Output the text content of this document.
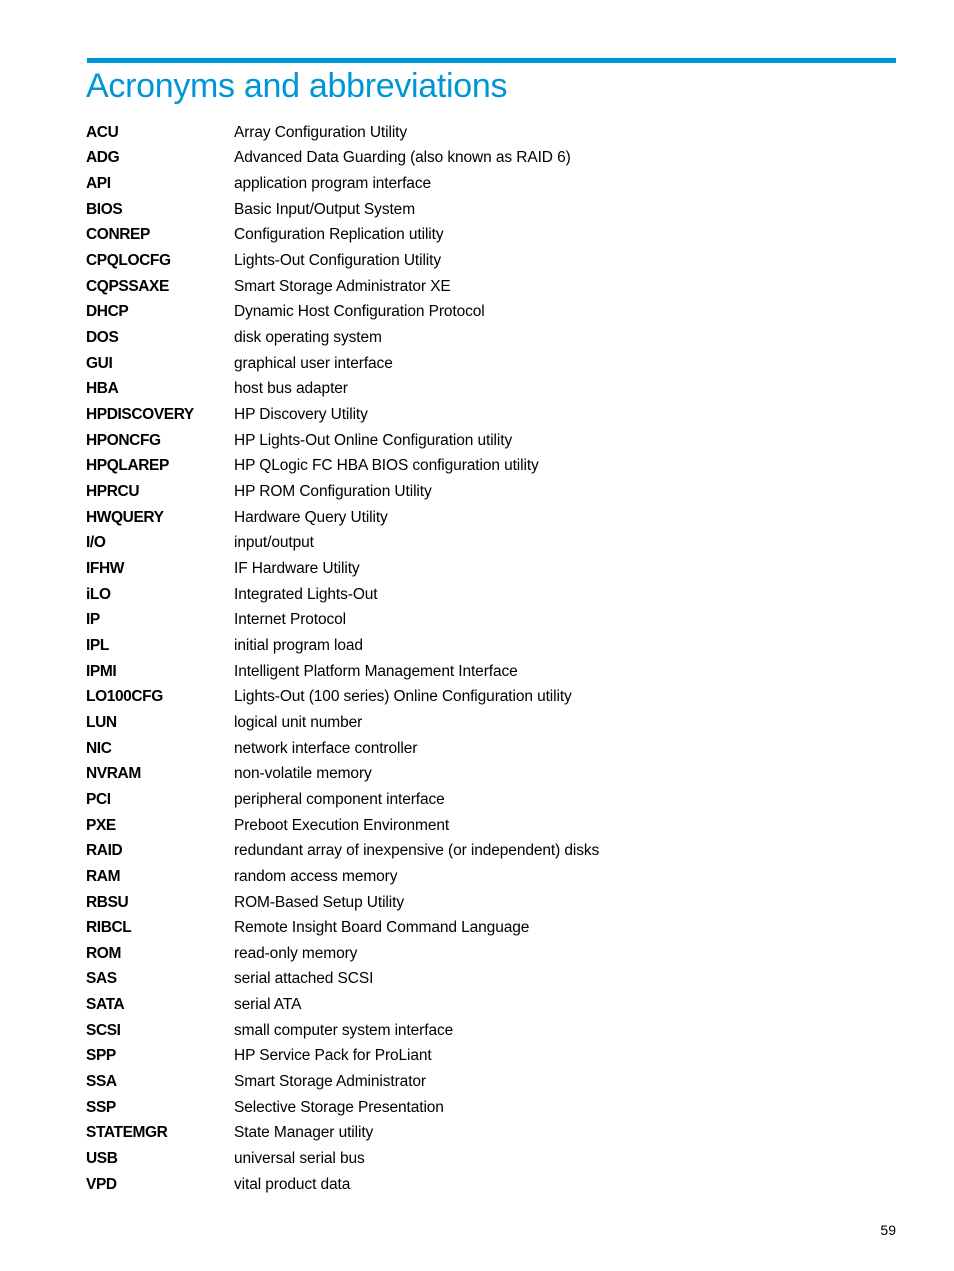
Acronyms and abbreviations
ACU	Array Configuration Utility
ADG	Advanced Data Guarding (also known as RAID 6)
API	application program interface
BIOS	Basic Input/Output System
CONREP	Configuration Replication utility
CPQLOCFG	Lights-Out Configuration Utility
CQPSSAXE	Smart Storage Administrator XE
DHCP	Dynamic Host Configuration Protocol
DOS	disk operating system
GUI	graphical user interface
HBA	host bus adapter
HPDISCOVERY	HP Discovery Utility
HPONCFG	HP Lights-Out Online Configuration utility
HPQLAREP	HP QLogic FC HBA BIOS configuration utility
HPRCU	HP ROM Configuration Utility
HWQUERY	Hardware Query Utility
I/O	input/output
IFHW	IF Hardware Utility
iLO	Integrated Lights-Out
IP	Internet Protocol
IPL	initial program load
IPMI	Intelligent Platform Management Interface
LO100CFG	Lights-Out (100 series) Online Configuration utility
LUN	logical unit number
NIC	network interface controller
NVRAM	non-volatile memory
PCI	peripheral component interface
PXE	Preboot Execution Environment
RAID	redundant array of inexpensive (or independent) disks
RAM	random access memory
RBSU	ROM-Based Setup Utility
RIBCL	Remote Insight Board Command Language
ROM	read-only memory
SAS	serial attached SCSI
SATA	serial ATA
SCSI	small computer system interface
SPP	HP Service Pack for ProLiant
SSA	Smart Storage Administrator
SSP	Selective Storage Presentation
STATEMGR	State Manager utility
USB	universal serial bus
VPD	vital product data
59
